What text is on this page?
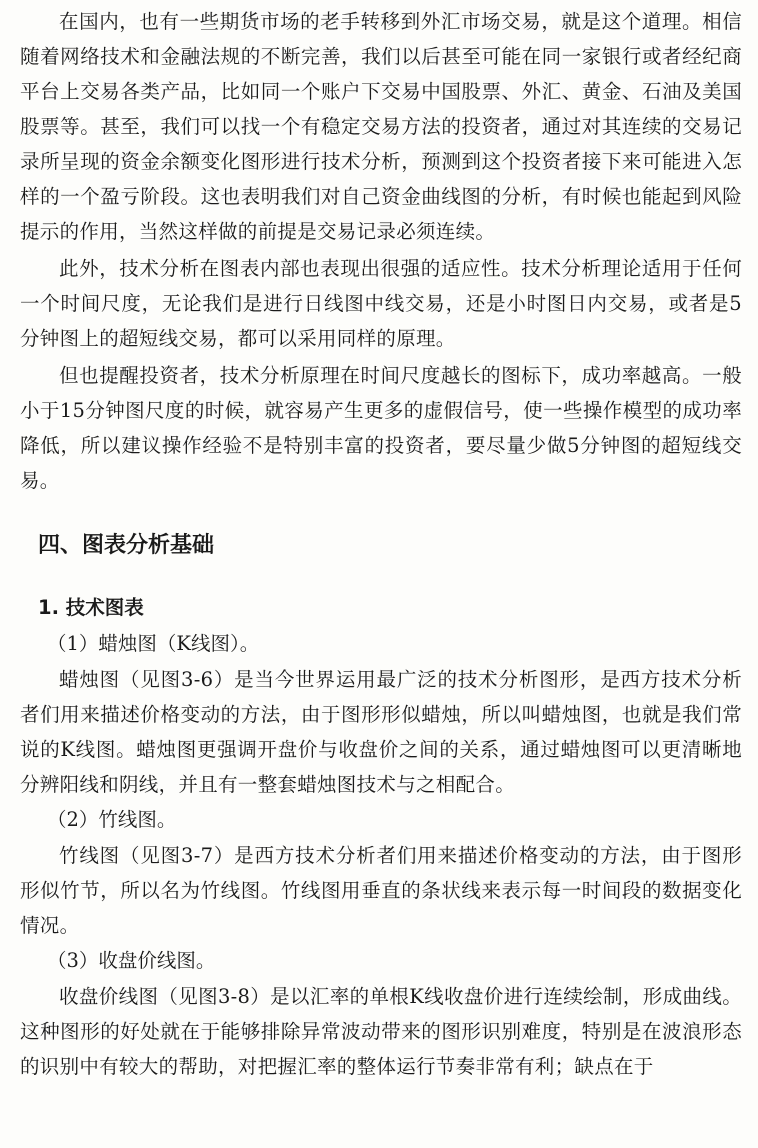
在国内，也有一些期货市场的老手转移到外汇市场交易，就是这个道理。相信随着网络技术和金融法规的不断完善，我们以后甚至可能在同一家银行或者经纪商平台上交易各类产品，比如同一个账户下交易中国股票、外汇、黄金、石油及美国股票等。甚至，我们可以找一个有稳定交易方法的投资者，通过对其连续的交易记录所呈现的资金余额变化图形进行技术分析，预测到这个投资者接下来可能进入怎样的一个盈亏阶段。这也表明我们对自己资金曲线图的分析，有时候也能起到风险提示的作用，当然这样做的前提是交易记录必须连续。

此外，技术分析在图表内部也表现出很强的适应性。技术分析理论适用于任何一个时间尺度，无论我们是进行日线图中线交易，还是小时图日内交易，或者是5分钟图上的超短线交易，都可以采用同样的原理。

但也提醒投资者，技术分析原理在时间尺度越长的图标下，成功率越高。一般小于15分钟图尺度的时候，就容易产生更多的虚假信号，使一些操作模型的成功率降低，所以建议操作经验不是特别丰富的投资者，要尽量少做5分钟图的超短线交易。

四、图表分析基础
1. 技术图表

（1）蜡烛图（K线图）。

蜡烛图（见图3-6）是当今世界运用最广泛的技术分析图形，是西方技术分析者们用来描述价格变动的方法，由于图形形似蜡烛，所以叫蜡烛图，也就是我们常说的K线图。蜡烛图更强调开盘价与收盘价之间的关系，通过蜡烛图可以更清晰地分辨阳线和阴线，并且有一整套蜡烛图技术与之相配合。

（2）竹线图。

竹线图（见图3-7）是西方技术分析者们用来描述价格变动的方法，由于图形形似竹节，所以名为竹线图。竹线图用垂直的条状线来表示每一时间段的数据变化情况。

（3）收盘价线图。

收盘价线图（见图3-8）是以汇率的单根K线收盘价进行连续绘制，形成曲线。这种图形的好处就在于能够排除异常波动带来的图形识别难度，特别是在波浪形态的识别中有较大的帮助，对把握汇率的整体运行节奏非常有利；缺点在于
